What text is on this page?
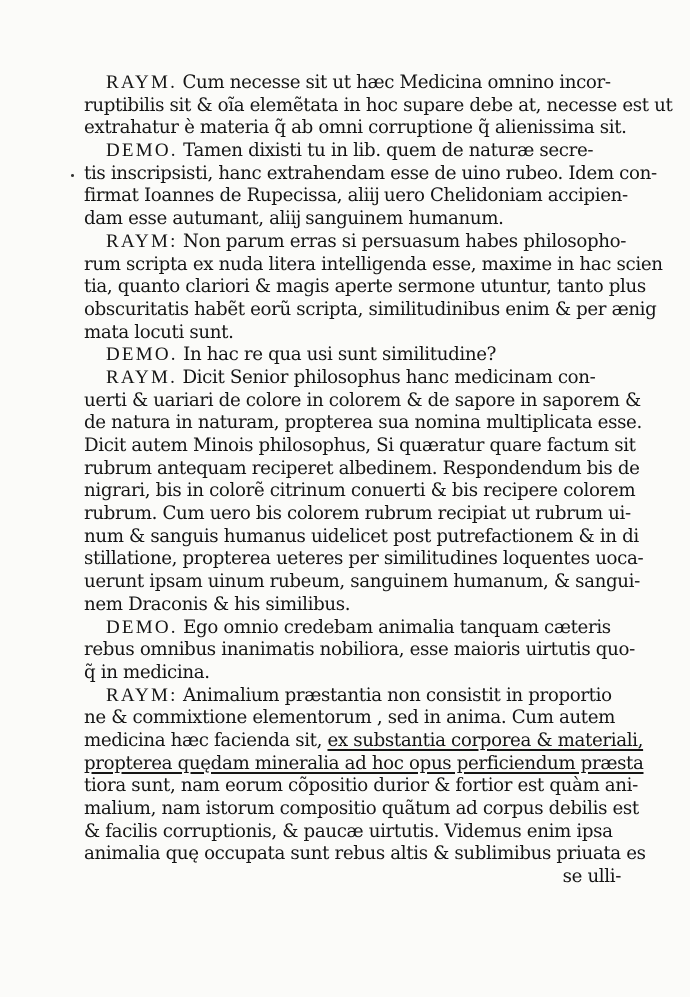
RAYM. Cum necesse sit ut hæc Medicina omnino incor-
ruptibilis sit & oĩa elemẽtata in hoc supare debe at, necesse est ut
extrahatur è materia q̃ ab omni corruptione q̃ alienissima sit.
DEMO. Tamen dixisti tu in lib. quem de naturæ secre-
tis inscripsisti, hanc extrahendam esse de uino rubeo. Idem con-
firmat Ioannes de Rupecissa, aliĳ uero Chelidoniam accipien-
dam esse autumant, aliĳ sanguinem humanum.
RAYM: Non parum erras si persuasum habes philosopho-
rum scripta ex nuda litera intelligenda esse, maxime in hac scien
tia, quanto clariori & magis aperte sermone utuntur, tanto plus
obscuritatis habẽt eorũ scripta, similitudinibus enim & per ænig
mata locuti sunt.
DEMO. In hac re qua usi sunt similitudine?
RAYM. Dicit Senior philosophus hanc medicinam con-
uerti & uariari de colore in colorem & de sapore in saporem &
de natura in naturam, propterea sua nomina multiplicata esse.
Dicit autem Minois philosophus, Si quæratur quare factum sit
rubrum antequam reciperet albedinem. Respondendum bis de
nigrari, bis in colorẽ citrinum conuerti & bis recipere colorem
rubrum. Cum uero bis colorem rubrum recipiat ut rubrum ui-
num & sanguis humanus uidelicet post putrefactionem & in di
stillatione, propterea ueteres per similitudines loquentes uoca-
uerunt ipsam uinum rubeum, sanguinem humanum, & sangui-
nem Draconis & his similibus.
DEMO. Ego omnio credebam animalia tanquam cæteris
rebus omnibus inanimatis nobiliora, esse maioris uirtutis quo-
q̃ in medicina.
RAYM: Animalium præstantia non consistit in proportio
ne & commixtione elementorum , sed in anima. Cum autem
medicina hæc facienda sit, ex substantia corporea & materiali,
propterea quędam mineralia ad hoc opus perficiendum præsta
tiora sunt, nam eorum cõpositio durior & fortior est quàm ani-
malium, nam istorum compositio quãtum ad corpus debilis est
& facilis corruptionis, & paucæ uirtutis. Videmus enim ipsa
animalia quę occupata sunt rebus altis & sublimibus priuata es
se ulli-
